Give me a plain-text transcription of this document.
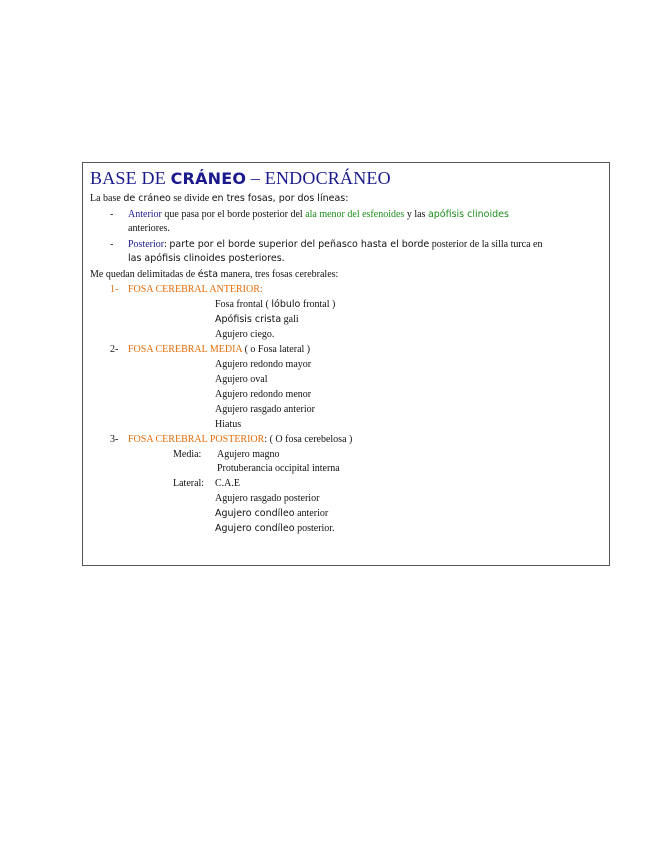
BASE DE CRÁNEO – ENDOCRÁNEO
La base de cráneo se divide en tres fosas, por dos líneas:
- Anterior que pasa por el borde posterior del ala menor del esfenoides y las apófisis clinoides
anteriores.
- Posterior: parte por el borde superior del peñasco hasta el borde posterior de la silla turca en
las apófisis clinoides posteriores.
Me quedan delimitadas de ésta manera, tres fosas cerebrales:
1- FOSA CEREBRAL ANTERIOR:
Fosa frontal ( lóbulo frontal )
Apófisis crista gali
Agujero ciego.
2- FOSA CEREBRAL MEDIA ( o Fosa lateral )
Agujero redondo mayor
Agujero oval
Agujero redondo menor
Agujero rasgado anterior
Hiatus
3- FOSA CEREBRAL POSTERIOR: ( O fosa cerebelosa )
Media: Agujero magno
Protuberancia occipital interna
Lateral: C.A.E
Agujero rasgado posterior
Agujero condíleo anterior
Agujero condíleo posterior.
